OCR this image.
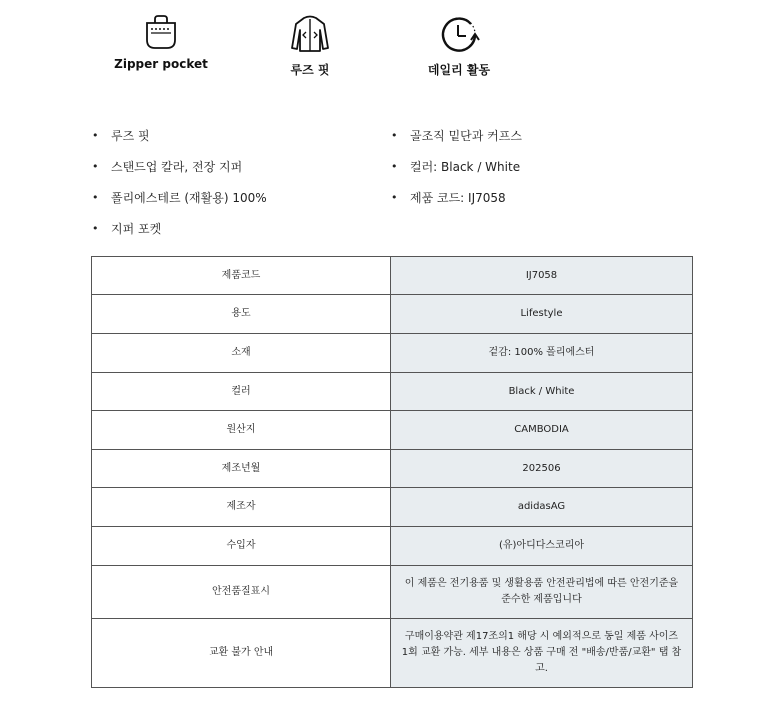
Zipper pocket	루즈 핏	데일리 활동
• 루즈 핏
• 스탠드업 칼라, 전장 지퍼
• 폴리에스테르 (재활용) 100%
• 지퍼 포켓
• 골조직 밑단과 커프스
• 컬러: Black / White
• 제품 코드: IJ7058
제품코드	IJ7058
용도	Lifestyle
소재	겉감: 100% 폴리에스터
컬러	Black / White
원산지	CAMBODIA
제조년월	202506
제조자	adidasAG
수입자	(유)아디다스코리아
안전품질표시	이 제품은 전기용품 및 생활용품 안전관리법에 따른 안전기준을 준수한 제품입니다
교환 불가 안내	구매이용약관 제17조의1 해당 시 예외적으로 동일 제품 사이즈 1회 교환 가능. 세부 내용은 상품 구매 전 "배송/반품/교환" 탭 참고.
